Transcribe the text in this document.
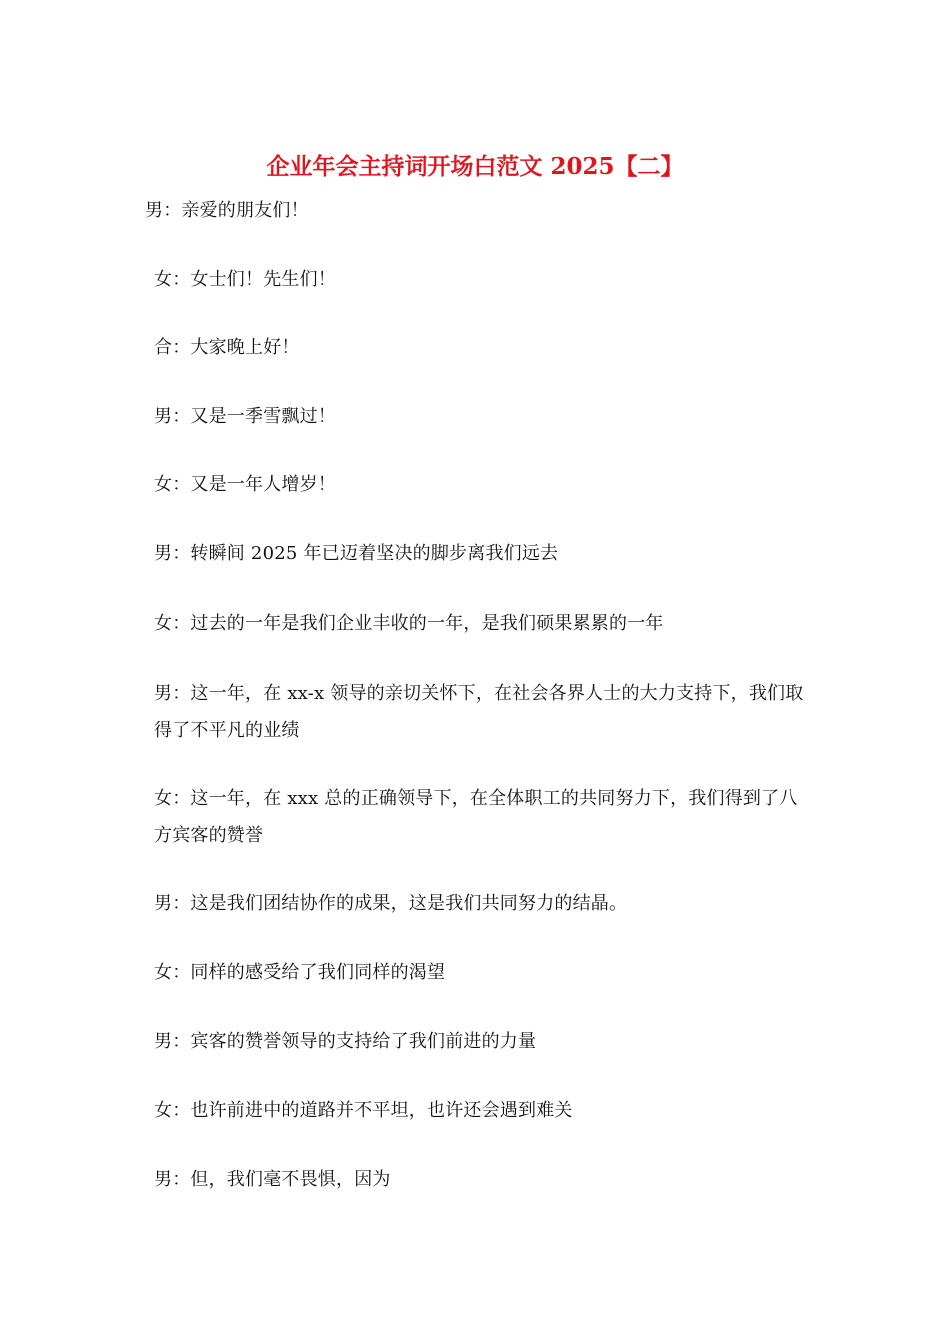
企业年会主持词开场白范文 2025【二】
男：亲爱的朋友们！
女：女士们！先生们！
合：大家晚上好！
男：又是一季雪飘过！
女：又是一年人增岁！
男：转瞬间 2025 年已迈着坚决的脚步离我们远去
女：过去的一年是我们企业丰收的一年，是我们硕果累累的一年
男：这一年，在 xx-x 领导的亲切关怀下，在社会各界人士的大力支持下，我们取得了不平凡的业绩
女：这一年，在 xxx 总的正确领导下，在全体职工的共同努力下，我们得到了八方宾客的赞誉
男：这是我们团结协作的成果，这是我们共同努力的结晶。
女：同样的感受给了我们同样的渴望
男：宾客的赞誉领导的支持给了我们前进的力量
女：也许前进中的道路并不平坦，也许还会遇到难关
男：但，我们毫不畏惧，因为
